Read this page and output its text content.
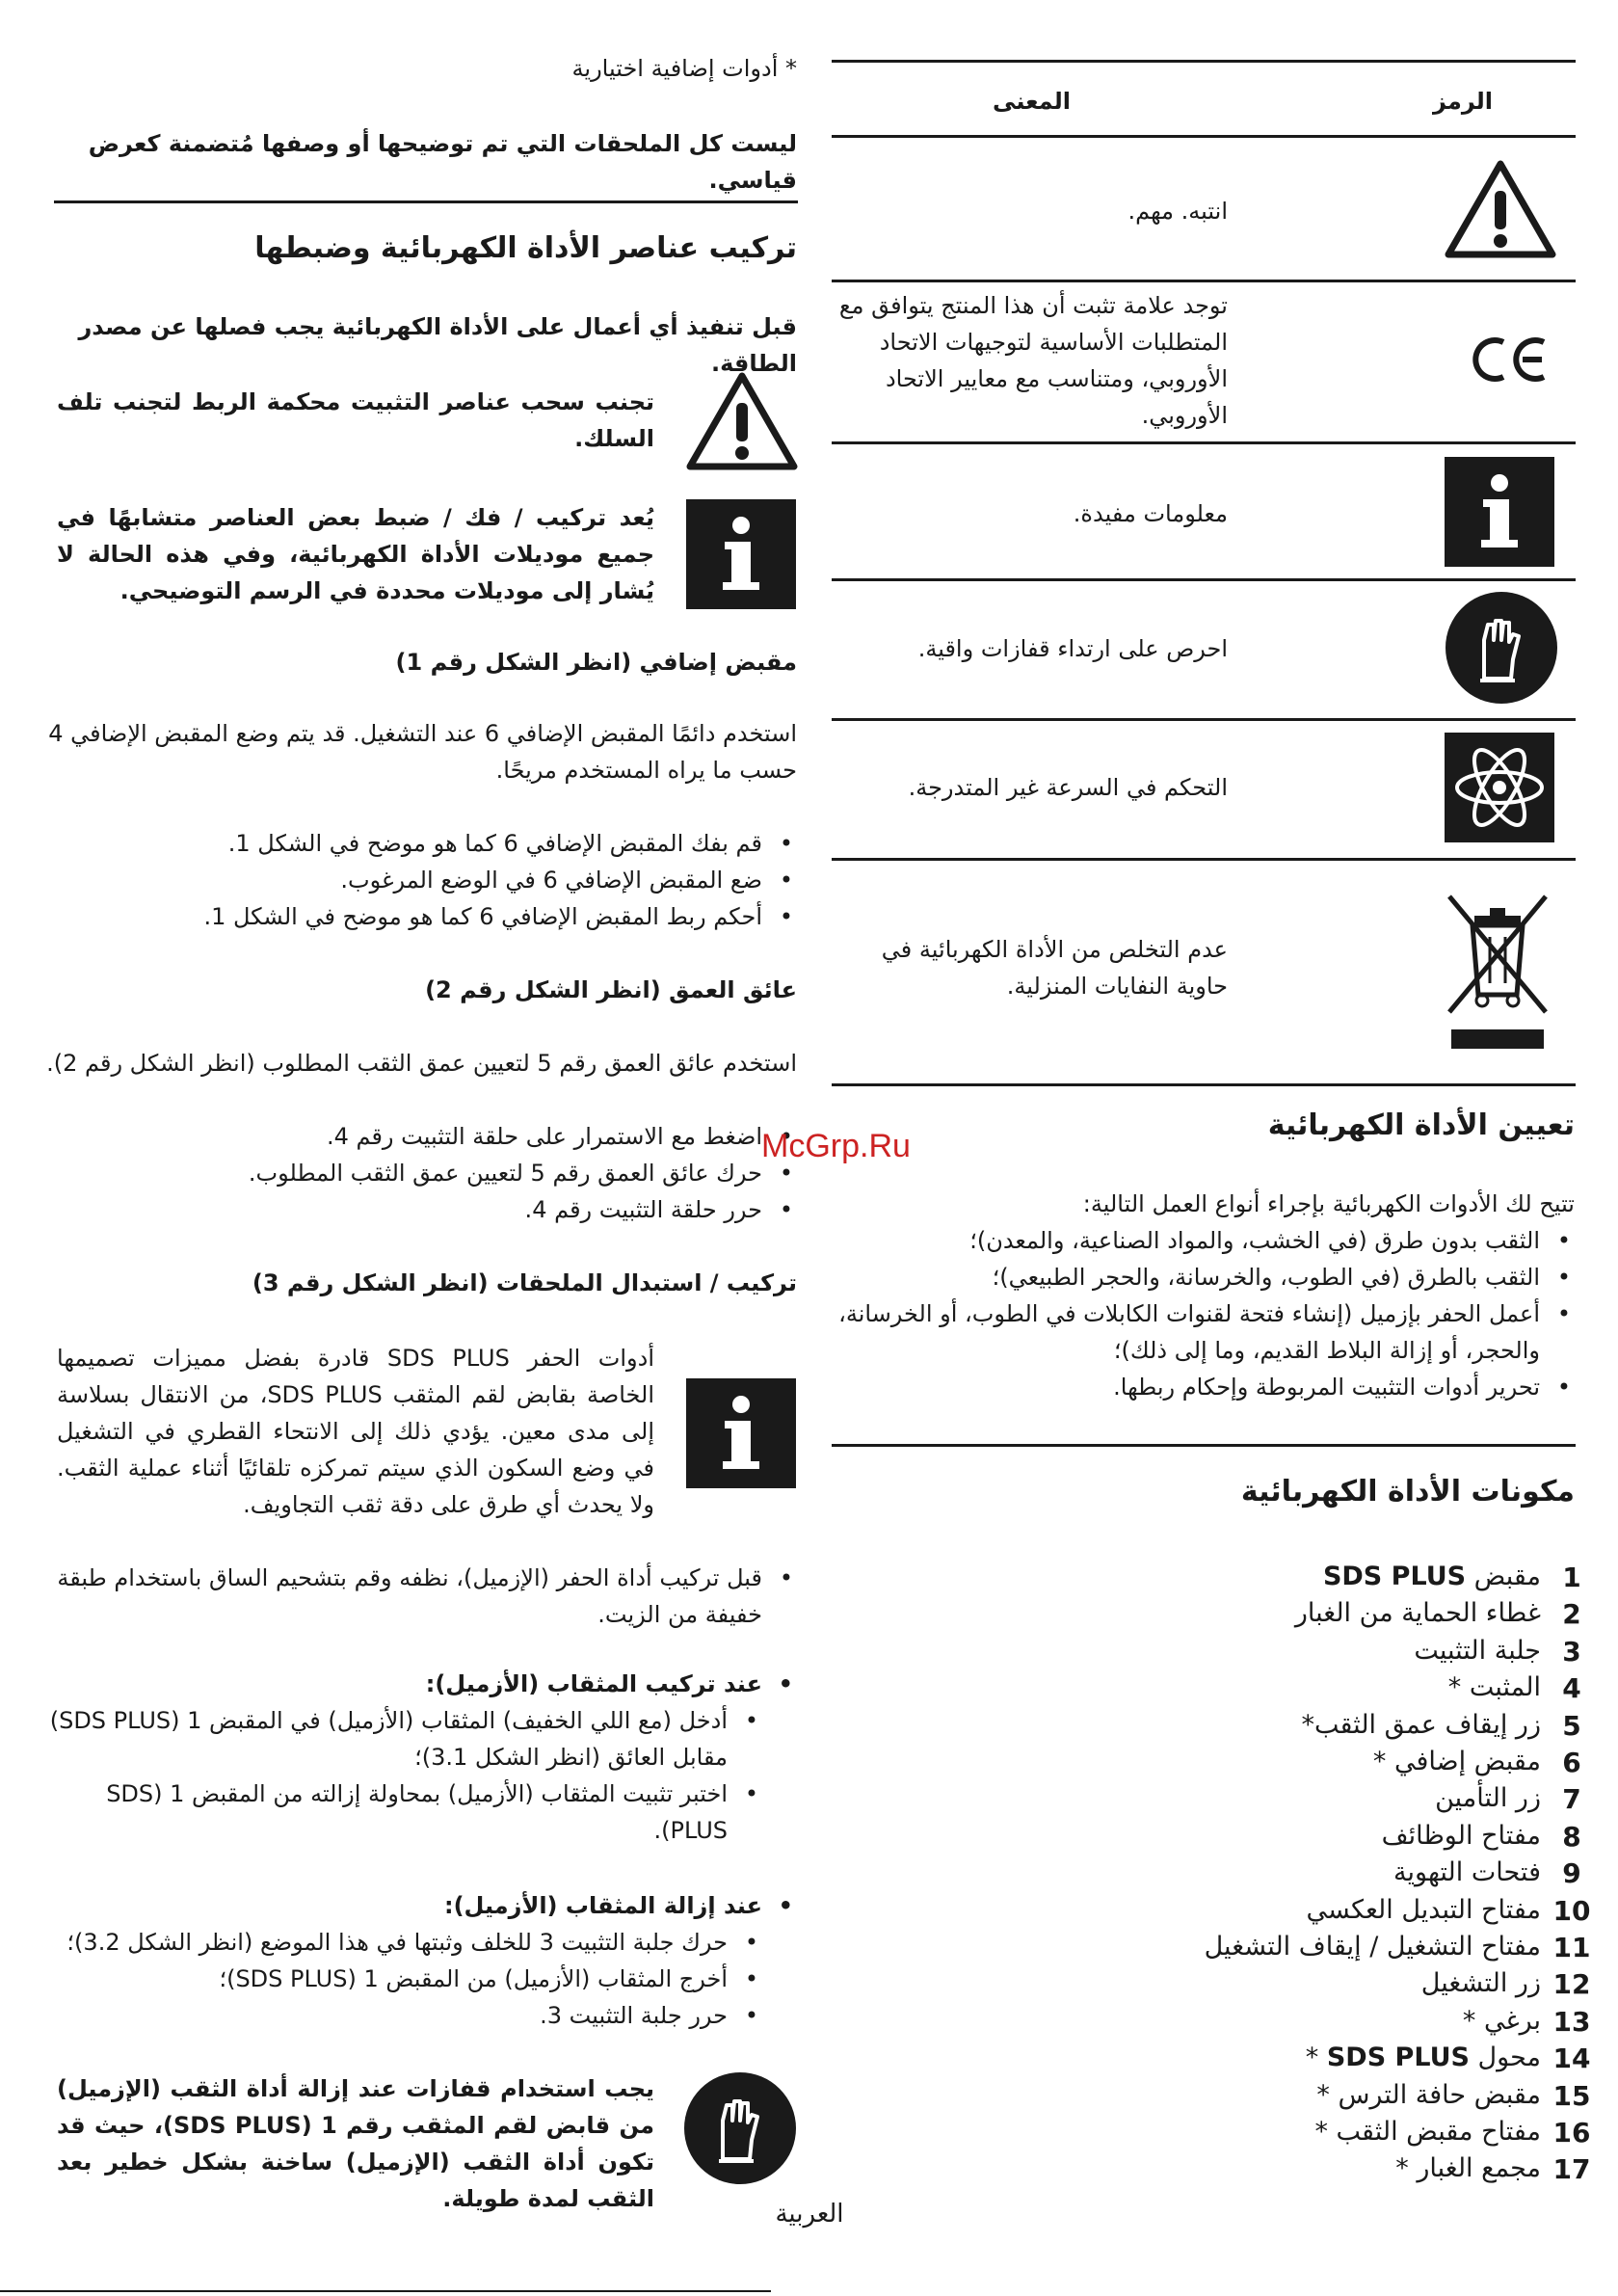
الرمز
المعنى
انتبه. مهم.
توجد علامة تثبت أن هذا المنتج يتوافق مع المتطلبات الأساسية لتوجيهات الاتحاد الأوروبي، ومتناسب مع معايير الاتحاد الأوروبي.
معلومات مفيدة.
احرص على ارتداء قفازات واقية.
التحكم في السرعة غير المتدرجة.
عدم التخلص من الأداة الكهربائية في حاوية النفايات المنزلية.
تعيين الأداة الكهربائية
تتيح لك الأدوات الكهربائية بإجراء أنواع العمل التالية:
• الثقب بدون طرق (في الخشب، والمواد الصناعية، والمعدن)؛
• الثقب بالطرق (في الطوب، والخرسانة، والحجر الطبيعي)؛
• أعمل الحفر بإزميل (إنشاء فتحة لقنوات الكابلات في الطوب، أو الخرسانة، والحجر، أو إزالة البلاط القديم، وما إلى ذلك)؛
• تحرير أدوات التثبيت المربوطة وإحكام ربطها.
مكونات الأداة الكهربائية
1
مقبض SDS PLUS
2
غطاء الحماية من الغبار
3
جلبة التثبيت
4
المثبت *
5
زر إيقاف عمق الثقب*
6
مقبض إضافي *
7
زر التأمين
8
مفتاح الوظائف
9
فتحات التهوية
10
مفتاح التبديل العكسي
11
مفتاح التشغيل / إيقاف التشغيل
12
زر التشغيل
13
برغي *
14
محول SDS PLUS *
15
مقبض حافة الترس *
16
مفتاح مقبض الثقب *
17
مجمع الغبار *
* أدوات إضافية اختيارية
ليست كل الملحقات التي تم توضيحها أو وصفها مُتضمنة كعرض قياسي.
تركيب عناصر الأداة الكهربائية وضبطها
قبل تنفيذ أي أعمال على الأداة الكهربائية يجب فصلها عن مصدر الطاقة.
تجنب سحب عناصر التثبيت محكمة الربط لتجنب تلف السلك.
يُعد تركيب / فك / ضبط بعض العناصر متشابهًا في جميع موديلات الأداة الكهربائية، وفي هذه الحالة لا يُشار إلى موديلات محددة في الرسم التوضيحي.
مقبض إضافي (انظر الشكل رقم 1)
استخدم دائمًا المقبض الإضافي 6 عند التشغيل. قد يتم وضع المقبض الإضافي 4 حسب ما يراه المستخدم مريحًا.
• قم بفك المقبض الإضافي 6 كما هو موضح في الشكل 1.
• ضع المقبض الإضافي 6 في الوضع المرغوب.
• أحكم ربط المقبض الإضافي 6 كما هو موضح في الشكل 1.
عائق العمق (انظر الشكل رقم 2)
استخدم عائق العمق رقم 5 لتعيين عمق الثقب المطلوب (انظر الشكل رقم 2).
• اضغط مع الاستمرار على حلقة التثبيت رقم 4.
• حرك عائق العمق رقم 5 لتعيين عمق الثقب المطلوب.
• حرر حلقة التثبيت رقم 4.
تركيب / استبدال الملحقات (انظر الشكل رقم 3)
أدوات الحفر SDS PLUS قادرة بفضل مميزات تصميمها الخاصة بقابض لقم المثقب SDS PLUS، من الانتقال بسلاسة إلى مدى معين. يؤدي ذلك إلى الانتحاء القطري في التشغيل في وضع السكون الذي سيتم تمركزه تلقائيًا أثناء عملية الثقب. ولا يحدث أي طرق على دقة ثقب التجاويف.
• قبل تركيب أداة الحفر (الإزميل)، نظفه وقم بتشحيم الساق باستخدام طبقة خفيفة من الزيت.
• عند تركيب المثقاب (الأزميل):
• أدخل (مع اللي الخفيف) المثقاب (الأزميل) في المقبض 1 (SDS PLUS) مقابل العائق (انظر الشكل 3.1)؛
• اختبر تثبيت المثقاب (الأزميل) بمحاولة إزالته من المقبض 1 (SDS PLUS).
• عند إزالة المثقاب (الأزميل):
• حرك جلبة التثبيت 3 للخلف وثبتها في هذا الموضع (انظر الشكل 3.2)؛
• أخرج المثقاب (الأزميل) من المقبض 1 (SDS PLUS)؛
• حرر جلبة التثبيت 3.
يجب استخدام قفازات عند إزالة أداة الثقب (الإزميل) من قابض لقم المثقب رقم 1 (SDS PLUS)، حيث قد تكون أداة الثقب (الإزميل) ساخنة بشكل خطير بعد الثقب لمدة طويلة.
McGrp.Ru
العربية
